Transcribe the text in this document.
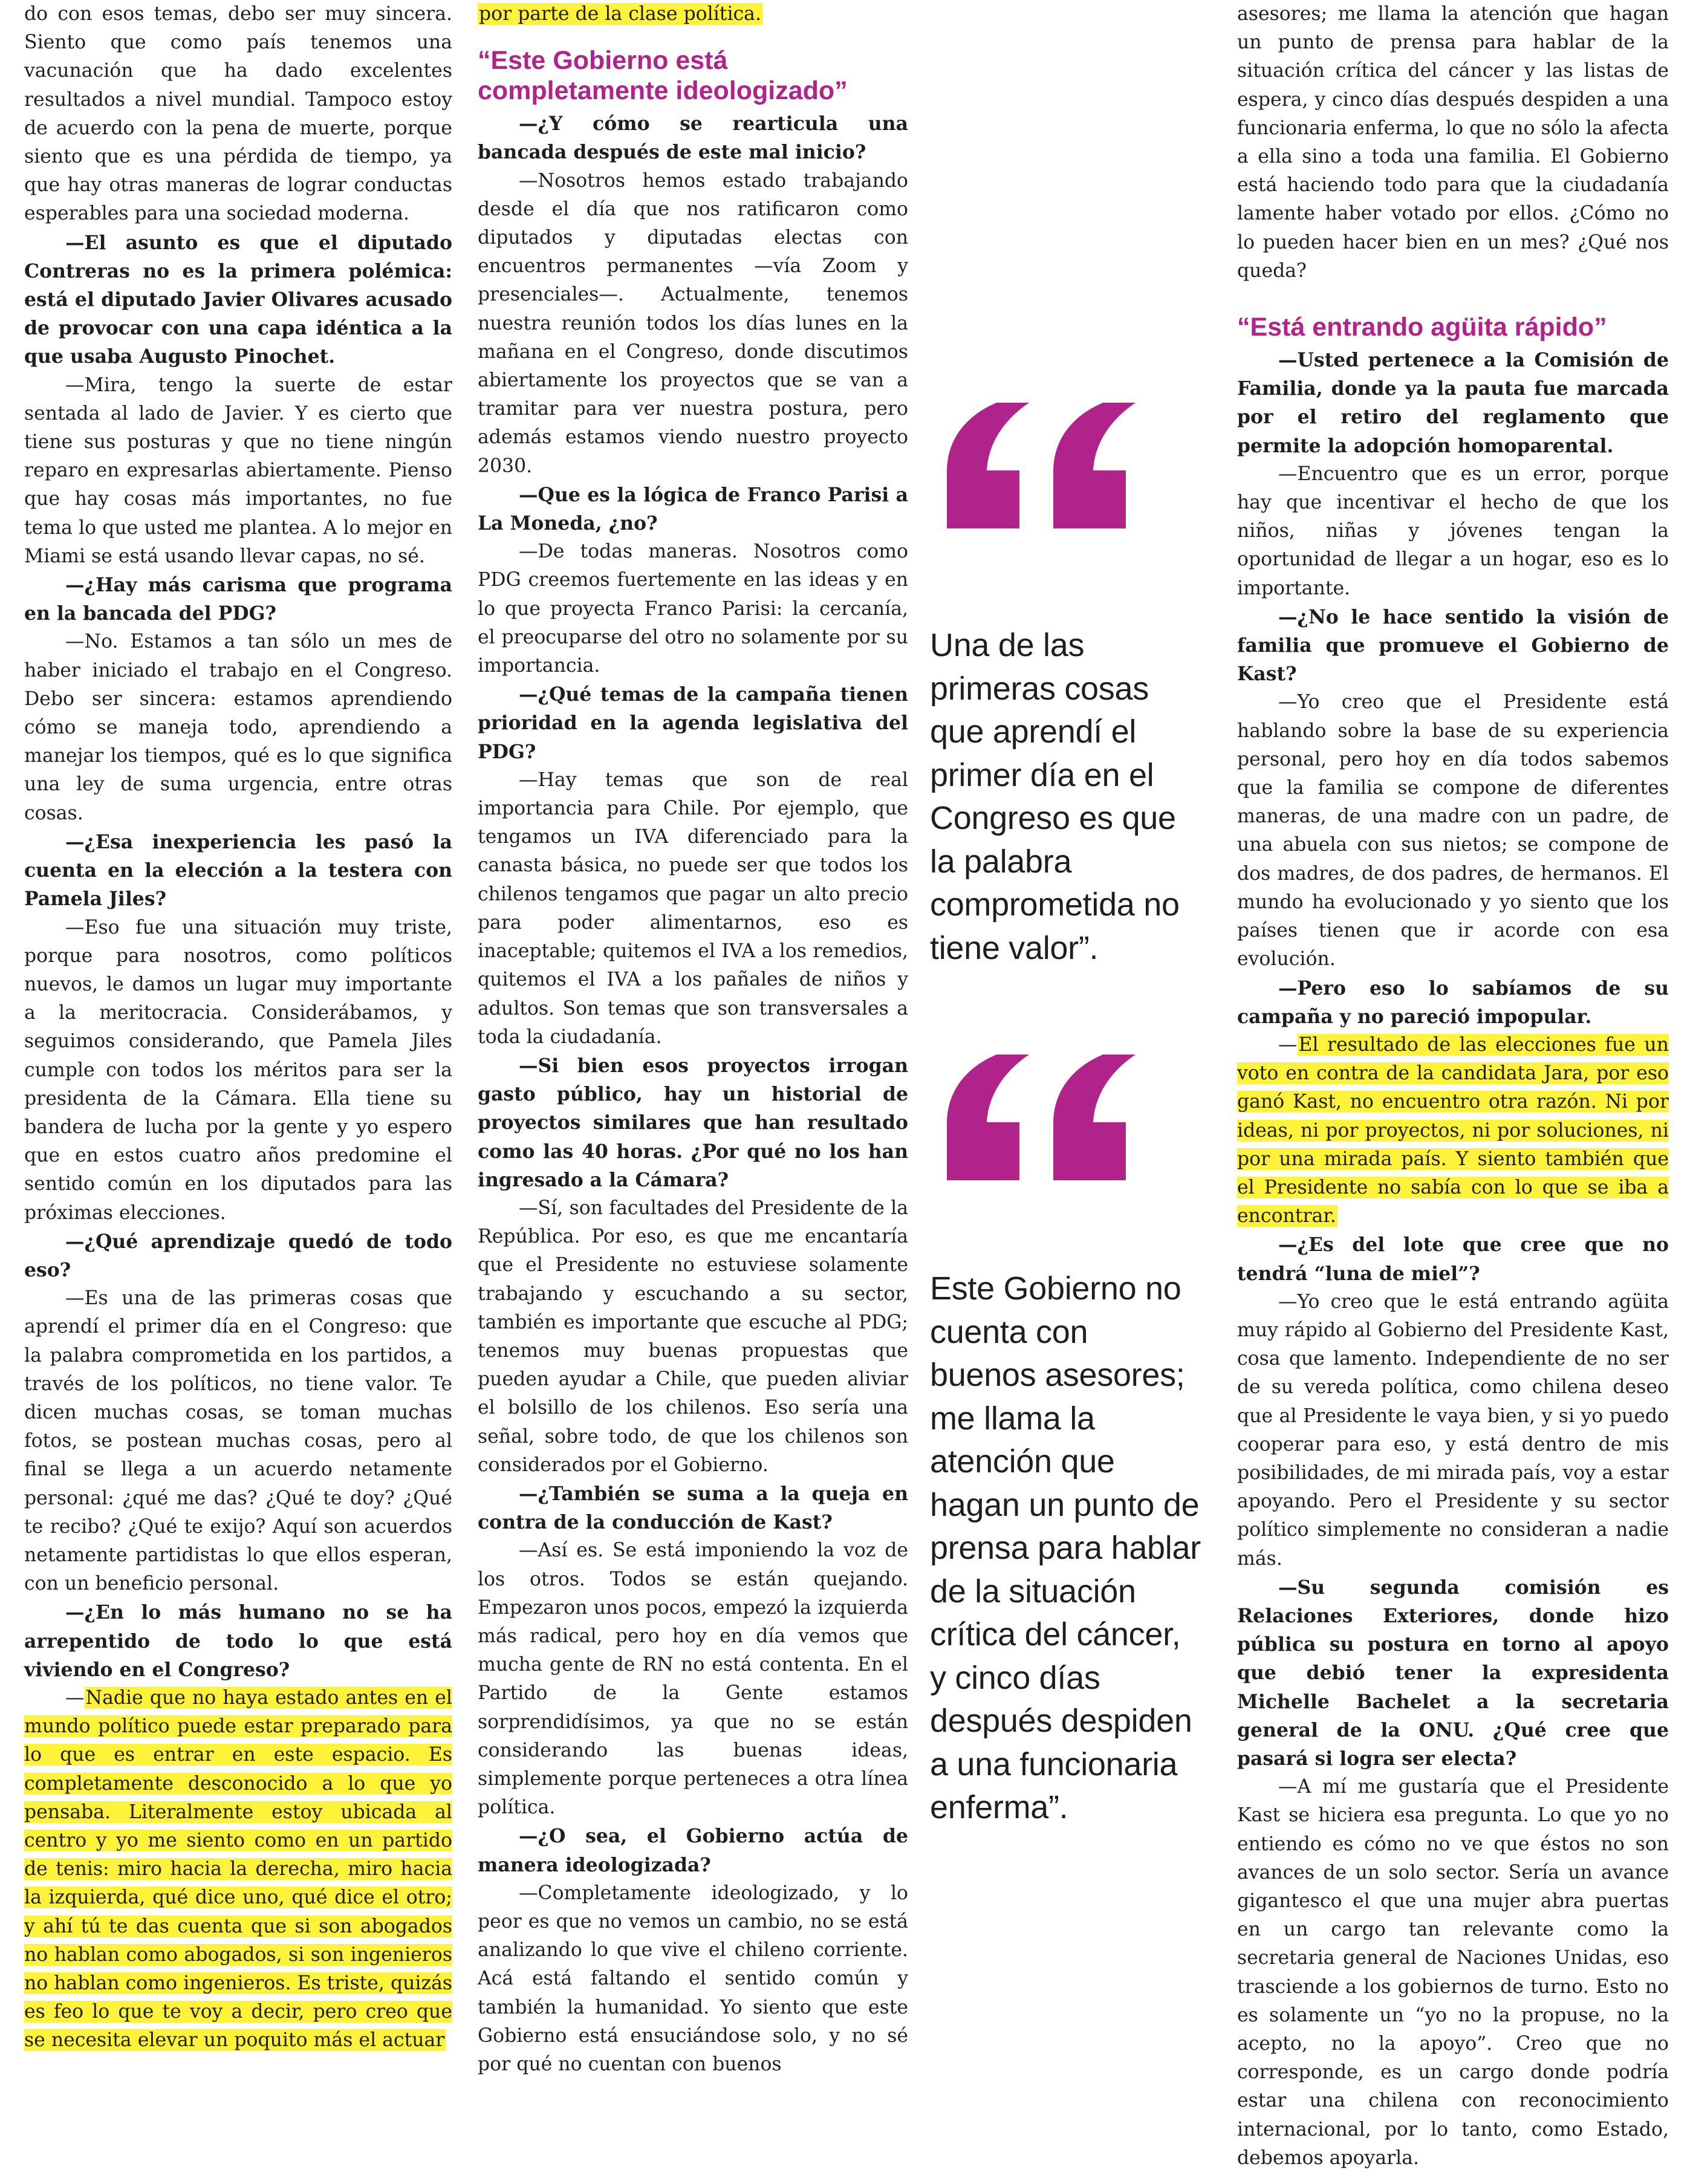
do con esos temas, debo ser muy sincera. Siento que como país tenemos una vacunación que ha dado excelentes resultados a nivel mundial. Tampoco estoy de acuerdo con la pena de muerte, porque siento que es una pérdida de tiempo, ya que hay otras maneras de lograr conductas esperables para una sociedad moderna.

—El asunto es que el diputado Contreras no es la primera polémica: está el diputado Javier Olivares acusado de provocar con una capa idéntica a la que usaba Augusto Pinochet.

—Mira, tengo la suerte de estar sentada al lado de Javier. Y es cierto que tiene sus posturas y que no tiene ningún reparo en expresarlas abiertamente. Pienso que hay cosas más importantes, no fue tema lo que usted me plantea. A lo mejor en Miami se está usando llevar capas, no sé.

—¿Hay más carisma que programa en la bancada del PDG?

—No. Estamos a tan sólo un mes de haber iniciado el trabajo en el Congreso. Debo ser sincera: estamos aprendiendo cómo se maneja todo, aprendiendo a manejar los tiempos, qué es lo que significa una ley de suma urgencia, entre otras cosas.

—¿Esa inexperiencia les pasó la cuenta en la elección a la testera con Pamela Jiles?

—Eso fue una situación muy triste, porque para nosotros, como políticos nuevos, le damos un lugar muy importante a la meritocracia. Considerábamos, y seguimos considerando, que Pamela Jiles cumple con todos los méritos para ser la presidenta de la Cámara. Ella tiene su bandera de lucha por la gente y yo espero que en estos cuatro años predomine el sentido común en los diputados para las próximas elecciones.

—¿Qué aprendizaje quedó de todo eso?

—Es una de las primeras cosas que aprendí el primer día en el Congreso: que la palabra comprometida en los partidos, a través de los políticos, no tiene valor. Te dicen muchas cosas, se toman muchas fotos, se postean muchas cosas, pero al final se llega a un acuerdo netamente personal: ¿qué me das? ¿Qué te doy? ¿Qué te recibo? ¿Qué te exijo? Aquí son acuerdos netamente partidistas lo que ellos esperan, con un beneficio personal.

—¿En lo más humano no se ha arrepentido de todo lo que está viviendo en el Congreso?

—Nadie que no haya estado antes en el mundo político puede estar preparado para lo que es entrar en este espacio. Es completamente desconocido a lo que yo pensaba. Literalmente estoy ubicada al centro y yo me siento como en un partido de tenis: miro hacia la derecha, miro hacia la izquierda, qué dice uno, qué dice el otro; y ahí tú te das cuenta que si son abogados no hablan como abogados, si son ingenieros no hablan como ingenieros. Es triste, quizás es feo lo que te voy a decir, pero creo que se necesita elevar un poquito más el actuar

por parte de la clase política.

“Este Gobierno está completamente ideologizado”

—¿Y cómo se rearticula una bancada después de este mal inicio?

—Nosotros hemos estado trabajando desde el día que nos ratificaron como diputados y diputadas electas con encuentros permanentes —vía Zoom y presenciales—. Actualmente, tenemos nuestra reunión todos los días lunes en la mañana en el Congreso, donde discutimos abiertamente los proyectos que se van a tramitar para ver nuestra postura, pero además estamos viendo nuestro proyecto 2030.

—Que es la lógica de Franco Parisi a La Moneda, ¿no?

—De todas maneras. Nosotros como PDG creemos fuertemente en las ideas y en lo que proyecta Franco Parisi: la cercanía, el preocuparse del otro no solamente por su importancia.

—¿Qué temas de la campaña tienen prioridad en la agenda legislativa del PDG?

—Hay temas que son de real importancia para Chile. Por ejemplo, que tengamos un IVA diferenciado para la canasta básica, no puede ser que todos los chilenos tengamos que pagar un alto precio para poder alimentarnos, eso es inaceptable; quitemos el IVA a los remedios, quitemos el IVA a los pañales de niños y adultos. Son temas que son transversales a toda la ciudadanía.

—Si bien esos proyectos irrogan gasto público, hay un historial de proyectos similares que han resultado como las 40 horas. ¿Por qué no los han ingresado a la Cámara?

—Sí, son facultades del Presidente de la República. Por eso, es que me encantaría que el Presidente no estuviese solamente trabajando y escuchando a su sector, también es importante que escuche al PDG; tenemos muy buenas propuestas que pueden ayudar a Chile, que pueden aliviar el bolsillo de los chilenos. Eso sería una señal, sobre todo, de que los chilenos son considerados por el Gobierno.

—¿También se suma a la queja en contra de la conducción de Kast?

—Así es. Se está imponiendo la voz de los otros. Todos se están quejando. Empezaron unos pocos, empezó la izquierda más radical, pero hoy en día vemos que mucha gente de RN no está contenta. En el Partido de la Gente estamos sorprendidísimos, ya que no se están considerando las buenas ideas, simplemente porque perteneces a otra línea política.

—¿O sea, el Gobierno actúa de manera ideologizada?

—Completamente ideologizado, y lo peor es que no vemos un cambio, no se está analizando lo que vive el chileno corriente. Acá está faltando el sentido común y también la humanidad. Yo siento que este Gobierno está ensuciándose solo, y no sé por qué no cuentan con buenos

Una de las primeras cosas que aprendí el primer día en el Congreso es que la palabra comprometida no tiene valor”.
Este Gobierno no cuenta con buenos asesores; me llama la atención que hagan un punto de prensa para hablar de la situación crítica del cáncer, y cinco días después despiden a una funcionaria enferma”.

asesores; me llama la atención que hagan un punto de prensa para hablar de la situación crítica del cáncer y las listas de espera, y cinco días después despiden a una funcionaria enferma, lo que no sólo la afecta a ella sino a toda una familia. El Gobierno está haciendo todo para que la ciudadanía lamente haber votado por ellos. ¿Cómo no lo pueden hacer bien en un mes? ¿Qué nos queda?

“Está entrando agüita rápido”

—Usted pertenece a la Comisión de Familia, donde ya la pauta fue marcada por el retiro del reglamento que permite la adopción homoparental.

—Encuentro que es un error, porque hay que incentivar el hecho de que los niños, niñas y jóvenes tengan la oportunidad de llegar a un hogar, eso es lo importante.

—¿No le hace sentido la visión de familia que promueve el Gobierno de Kast?

—Yo creo que el Presidente está hablando sobre la base de su experiencia personal, pero hoy en día todos sabemos que la familia se compone de diferentes maneras, de una madre con un padre, de una abuela con sus nietos; se compone de dos madres, de dos padres, de hermanos. El mundo ha evolucionado y yo siento que los países tienen que ir acorde con esa evolución.

—Pero eso lo sabíamos de su campaña y no pareció impopular.

—El resultado de las elecciones fue un voto en contra de la candidata Jara, por eso ganó Kast, no encuentro otra razón. Ni por ideas, ni por proyectos, ni por soluciones, ni por una mirada país. Y siento también que el Presidente no sabía con lo que se iba a encontrar.

—¿Es del lote que cree que no tendrá “luna de miel”?

—Yo creo que le está entrando agüita muy rápido al Gobierno del Presidente Kast, cosa que lamento. Independiente de no ser de su vereda política, como chilena deseo que al Presidente le vaya bien, y si yo puedo cooperar para eso, y está dentro de mis posibilidades, de mi mirada país, voy a estar apoyando. Pero el Presidente y su sector político simplemente no consideran a nadie más.

—Su segunda comisión es Relaciones Exteriores, donde hizo pública su postura en torno al apoyo que debió tener la expresidenta Michelle Bachelet a la secretaria general de la ONU. ¿Qué cree que pasará si logra ser electa?

—A mí me gustaría que el Presidente Kast se hiciera esa pregunta. Lo que yo no entiendo es cómo no ve que éstos no son avances de un solo sector. Sería un avance gigantesco el que una mujer abra puertas en un cargo tan relevante como la secretaria general de Naciones Unidas, eso trasciende a los gobiernos de turno. Esto no es solamente un “yo no la propuse, no la acepto, no la apoyo”. Creo que no corresponde, es un cargo donde podría estar una chilena con reconocimiento internacional, por lo tanto, como Estado, debemos apoyarla.
